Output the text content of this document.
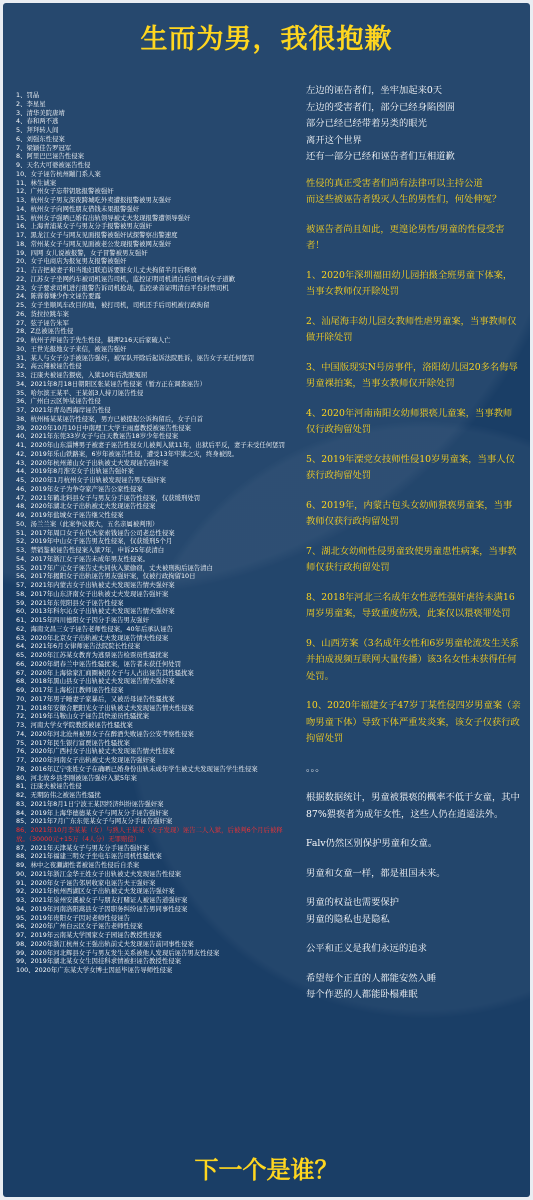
生而为男，我很抱歉
1、罚晶
2、李星星
3、清华美院唐靖
4、春和两不逃
5、拜拜转人间
6、刘强东性侵案
7、梁颖佳告罗冠军
8、阿里巴巴诬告性侵案
9、天名大可婆被诬告性侵
10、女子诬告杭州蹦门系人案
11、林生诚案
12、广州女子忘带钥匙报警被强奸
13、杭州女子男友深夜跨城吃外卖遭报报警被男友强奸
14、杭州女子向网性朋友借钱未果报警强奸
15、杭州女子强晒已婚有出轨领导被丈夫发现报警遭领导强奸
16、上海青浦某女子与男友分手报警被男友强奸
17、黑龙江女子与网友见面报警被强奸试探警察出警速度
18、常州某女子与网友见面被老公发现报警被网友强奸
19、四网 女儿说被报警，女子冒警被男友强奸
20、女子电商店为报复男友报警被强奸
21、吉吉把被妻子和当地妇联追诉要脏女儿丈夫拘留半月后释放
22、江苏女子坐网约车被司机诬告司机，监控证明司机清白后司机向女子道歉
23、女子要求司机进行报警告诉司机抢劫，监控录音证明清白平台封禁司机
24、陈蓉蓉嫌少作文诬告要露
25、女子坐顺风车改目的地，被打司机，司机还手后司机被行政拘留
26、货拉拉跳车案
27、弦子诬告朱军
28、Z总被诬告性侵
29、杭州子萍诬告于先生性侵，羁押216天后家破人亡
30、王世光报地女子来信，被诬告强奸
31、某人与女子分手被诬告强奸，被军队开除后起诉法院胜诉，诬告女子无任何惩罚
32、高云翔被诬告性侵
33、汪康夫被诬告猥亵，入狱10年后洗脱冤屈
34、2021年8月18日朝阳区张某诬告性侵案（暂方正在调查诬告）
35、哈尔滨王某平、王某娟3人持刀诬告性侵
36、广州白云区钟某诬告性侵
37、2021年青岛西海岸诬告性侵
38、杭州杨某某诬告性侵案，男方已被提起公诉拘留后，女子自首
39、2020年10月10日中南理工大学王雨嘉教授被诬告性侵案
40、2021年东莞33岁女子与白天教诬告18岁少年性侵案
41、2020年山东淄博男子被妻子诬告性侵女儿被判入狱11年，出狱后平反，妻子未受任何惩罚
42、2019年乐山铁路案，6岁年被诬告性侵，遭受13年牢狱之灾，终身被毁。
43、2020年杭州萧山女子出轨被丈夫发现诬告强奸案
44、2019年8月淮安女子出轨诬告强奸案
45、2020年1月杭州女子出轨被发现诬告男友强奸案
46、2019年女子为争夺家产诬告公家性侵案
47、2021年鹤北料县女子与男友分手诬告性侵案，仅获缓刑处罚
48、2020年湖北女子出轨被丈夫发现诬告性侵案
49、2019年盐城女子诬告继父性侵案
50、汤兰兰案（此案争议极大，五名亲属被判刑）
51、2017年周口女子在代夫家索钱诬告公司老总性侵案
52、2019年中山女子诬告男友性侵案，仅获缓刑5个月
53、禁销鉴被诬告性侵案入狱7年，申诉25年获清白
54、2017年浙江女子诬告未成年男友性侵案。
55、2017年广元女子诬告丈夫同伙入狱偷窃，丈夫被刑拘后诬告清白
56、2017年揭阳女子出轨诬告男友强奸案，仅被行政拘留10日
57、2021年内蒙古女子出轨被丈夫发现诬告情夫强奸案
58、2017年山东济南女子出轨被丈夫发现诬告强奸案
59、2021年东莞阳县女子诬告性侵案
60、2013年科尔沁女子出轨被丈夫发现诬告情夫强奸案
61、2015年四川德阳女子因分手诬告男友强奸
62、海南文昌三女子诬告老师性侵案，40年后承认诬告
63、2020年北京女子出轨被丈夫发现诬告情夫性侵案
64、2021年6月女律师诬告法院院长性侵案
65、2020年江苏某女教育为逃票诬告检票员性骚扰案
66、2020年胡春兰中诬告性骚扰案，诬告者未获任何处罚
67、2020年上海徐家汇商圈被拐女子与人占出诬告其性骚扰案
68、2018年黑山县女子出轨被丈夫发现诬告情夫强奸案
69、2017年上海松江教师诬告性侵案
70、2017年男子睡妻子家暴后，又被岳母诬告性骚扰案
71、2018年安徽合肥阳光女子出轨被丈夫发现诬告情夫性侵案
72、2019年马鞍山女子诬告其快递员性骚扰案
73、河南大学女学院教授被诬告性骚扰案
74、2020年河北沧州被男女子在醉酒失败诬告公安考察性侵案
75、2017年民生银行富贾诬告性骚扰案
76、2020年广西村女子出轨被丈夫发现诬告情夫性侵案
77、2020年河南女子出轨被丈夫发现诬告强奸案
78、2016年辽宁张姓女子在确晒已婚身份出轨未成年学生被丈夫发现诬告学生性侵案
80、河北故乡县李刚被诬告强奸入狱5年案
81、汪康夫被诬告性侵
82、无期防伟之被诬告性骚扰
83、2021年8月1日宁波王某因经济纠纷诬告强奸案
84、2019年上海华德德某女子与网友分手诬告强奸案
85、2021年7月广东东莞某女子与网友分手诬告强奸案
86、2021年10月李某某（女）与熟人王某某（女子发现）诬告二人入狱，后被判6个月后被释放。（30000元+15万（4人分）无罪赔偿）
87、2021年天津某女子与男友分手诬告强奸案
88、2021年福建三明女子坐电车诬告司机性骚扰案
89、林中之夜瀬湖性者被诬告性侵后自杀案
90、2021年浙江金华王姓女子出轨被丈夫发现诬告性侵案
91、2020年女子诬告邻居收家电诬告夫王强奸案
92、2021年杭州西湖区女子出轨被丈夫发现诬告强奸案
93、2021年泉州安溪被女子与朋友打赌证人被诬告道强奸案
94、2019年河南洛阳嵩县女子因职务纠纷诬告男同事性侵案
95、2019年贵阳女子因对老师性侵诬告
96、2020年广州白云区女子诬告老师性侵案
97、2019年云南某大学国家女子园诬告教授性侵案
98、2020年浙江杭州女王强出轨前丈夫发现诬告前同事性侵案
99、2020年河北辉县女子与男友发生关系被他人发现后诬告男友性侵案
99、2019年湖北某女女生因挂科求情被拒诬告教授性侵案
100、2020年广东某大学女博士因延毕诬告导师性侵案
左边的诬告者们，坐牢加起来0天
左边的受害者们，部分已经身陷囹圄
部分已经已经带着另类的眼光
离开这个世界
还有一部分已经和诬告者们互相道歉
性侵的真正受害者们尚有法律可以主持公道
而这些被诬告者毁灭人生的男性们，何处伸冤？
被诬告者尚且如此，更遑论男性/男童的性侵受害者！
1、2020年深圳福田幼儿园拍摄全班男童下体案，当事女教师仅开除处罚
2、汕尾海丰幼儿园女教师性虐男童案，当事教师仅做开除处罚
3、中国版现实N号房事件，洛阳幼儿园20多名侮辱男童裸拍案，当事女教师仅开除处罚
4、2020年河南南阳女幼师猥亵儿童案，当事教师仅行政拘留处罚
5、2019年溧党女技师性侵10岁男童案，当事人仅获行政拘留处罚
6、2019年，内蒙古包头女幼师猥亵男童案，当事教师仅获行政拘留处罚
7、湖北女幼师性侵男童致使男童患性病案，当事教师仅获行政拘留处罚
8、2018年河北三名成年女性恶性强奸虐待未满16周岁男童案，导致重度伤残，此案仅以猥亵罪处罚
9、山西芳案（3名成年女性和6岁男童轮流发生关系并拍成视频互联网大量传播）该3名女性未获得任何处罚。
10、2020年福建女子47岁丁某性侵四岁男童案（亲吻男童下体）导致下体严重发炎案，该女子仅获行政拘留处罚
。。。
根据数据统计，男童被猥亵的概率不低于女童，其中87%猥亵者为成年女性，这些人仍在逍遥法外。
Falv仍然区别保护男童和女童。
男童和女童一样，都是祖国未来。
男童的权益也需要保护
男童的隐私也是隐私
公平和正义是我们永远的追求
希望每个正直的人都能安然入睡
每个作恶的人都能卧榻难眠
下一个是谁？
